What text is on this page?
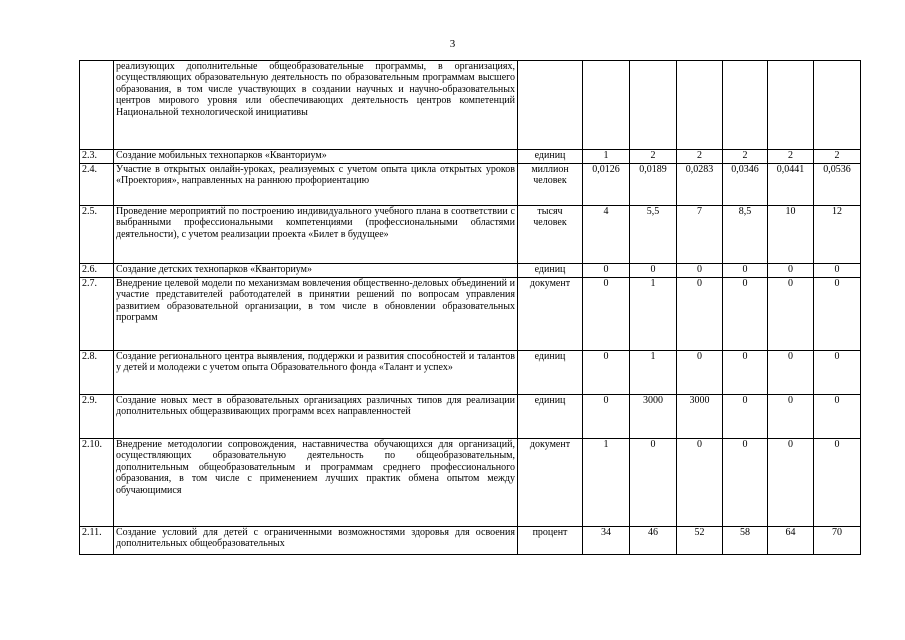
3
	реализующих дополнительные общеобразовательные программы, в организациях, осуществляющих образовательную деятельность по образовательным программам высшего образования, в том числе участвующих в создании научных и научно-образовательных центров мирового уровня или обеспечивающих деятельность центров компетенций Национальной технологической инициативы							
2.3.	Создание мобильных технопарков «Кванториум»	единиц	1	2	2	2	2	2
2.4.	Участие в открытых онлайн-уроках, реализуемых с учетом опыта цикла открытых уроков «Проектория», направленных на раннюю профориентацию	миллион человек	0,0126	0,0189	0,0283	0,0346	0,0441	0,0536
2.5.	Проведение мероприятий по построению индивидуального учебного плана в соответствии с выбранными профессиональными компетенциями (профессиональными областями деятельности), с учетом реализации проекта «Билет в будущее»	тысяч человек	4	5,5	7	8,5	10	12
2.6.	Создание детских технопарков «Кванториум»	единиц	0	0	0	0	0	0
2.7.	Внедрение целевой модели по механизмам вовлечения общественно-деловых объединений и участие представителей работодателей в принятии решений по вопросам управления развитием образовательной организации, в том числе в обновлении образовательных программ	документ	0	1	0	0	0	0
2.8.	Создание регионального центра выявления, поддержки и развития способностей и талантов у детей и молодежи с учетом опыта Образовательного фонда «Талант и успех»	единиц	0	1	0	0	0	0
2.9.	Создание новых мест в образовательных организациях различных типов для реализации дополнительных общеразвивающих программ всех направленностей	единиц	0	3000	3000	0	0	0
2.10.	Внедрение методологии сопровождения, наставничества обучающихся для организаций, осуществляющих образовательную деятельность по общеобразовательным, дополнительным общеобразовательным и программам среднего профессионального образования, в том числе с применением лучших практик обмена опытом между обучающимися	документ	1	0	0	0	0	0
2.11.	Создание условий для детей с ограниченными возможностями здоровья для освоения дополнительных общеобразовательных	процент	34	46	52	58	64	70
